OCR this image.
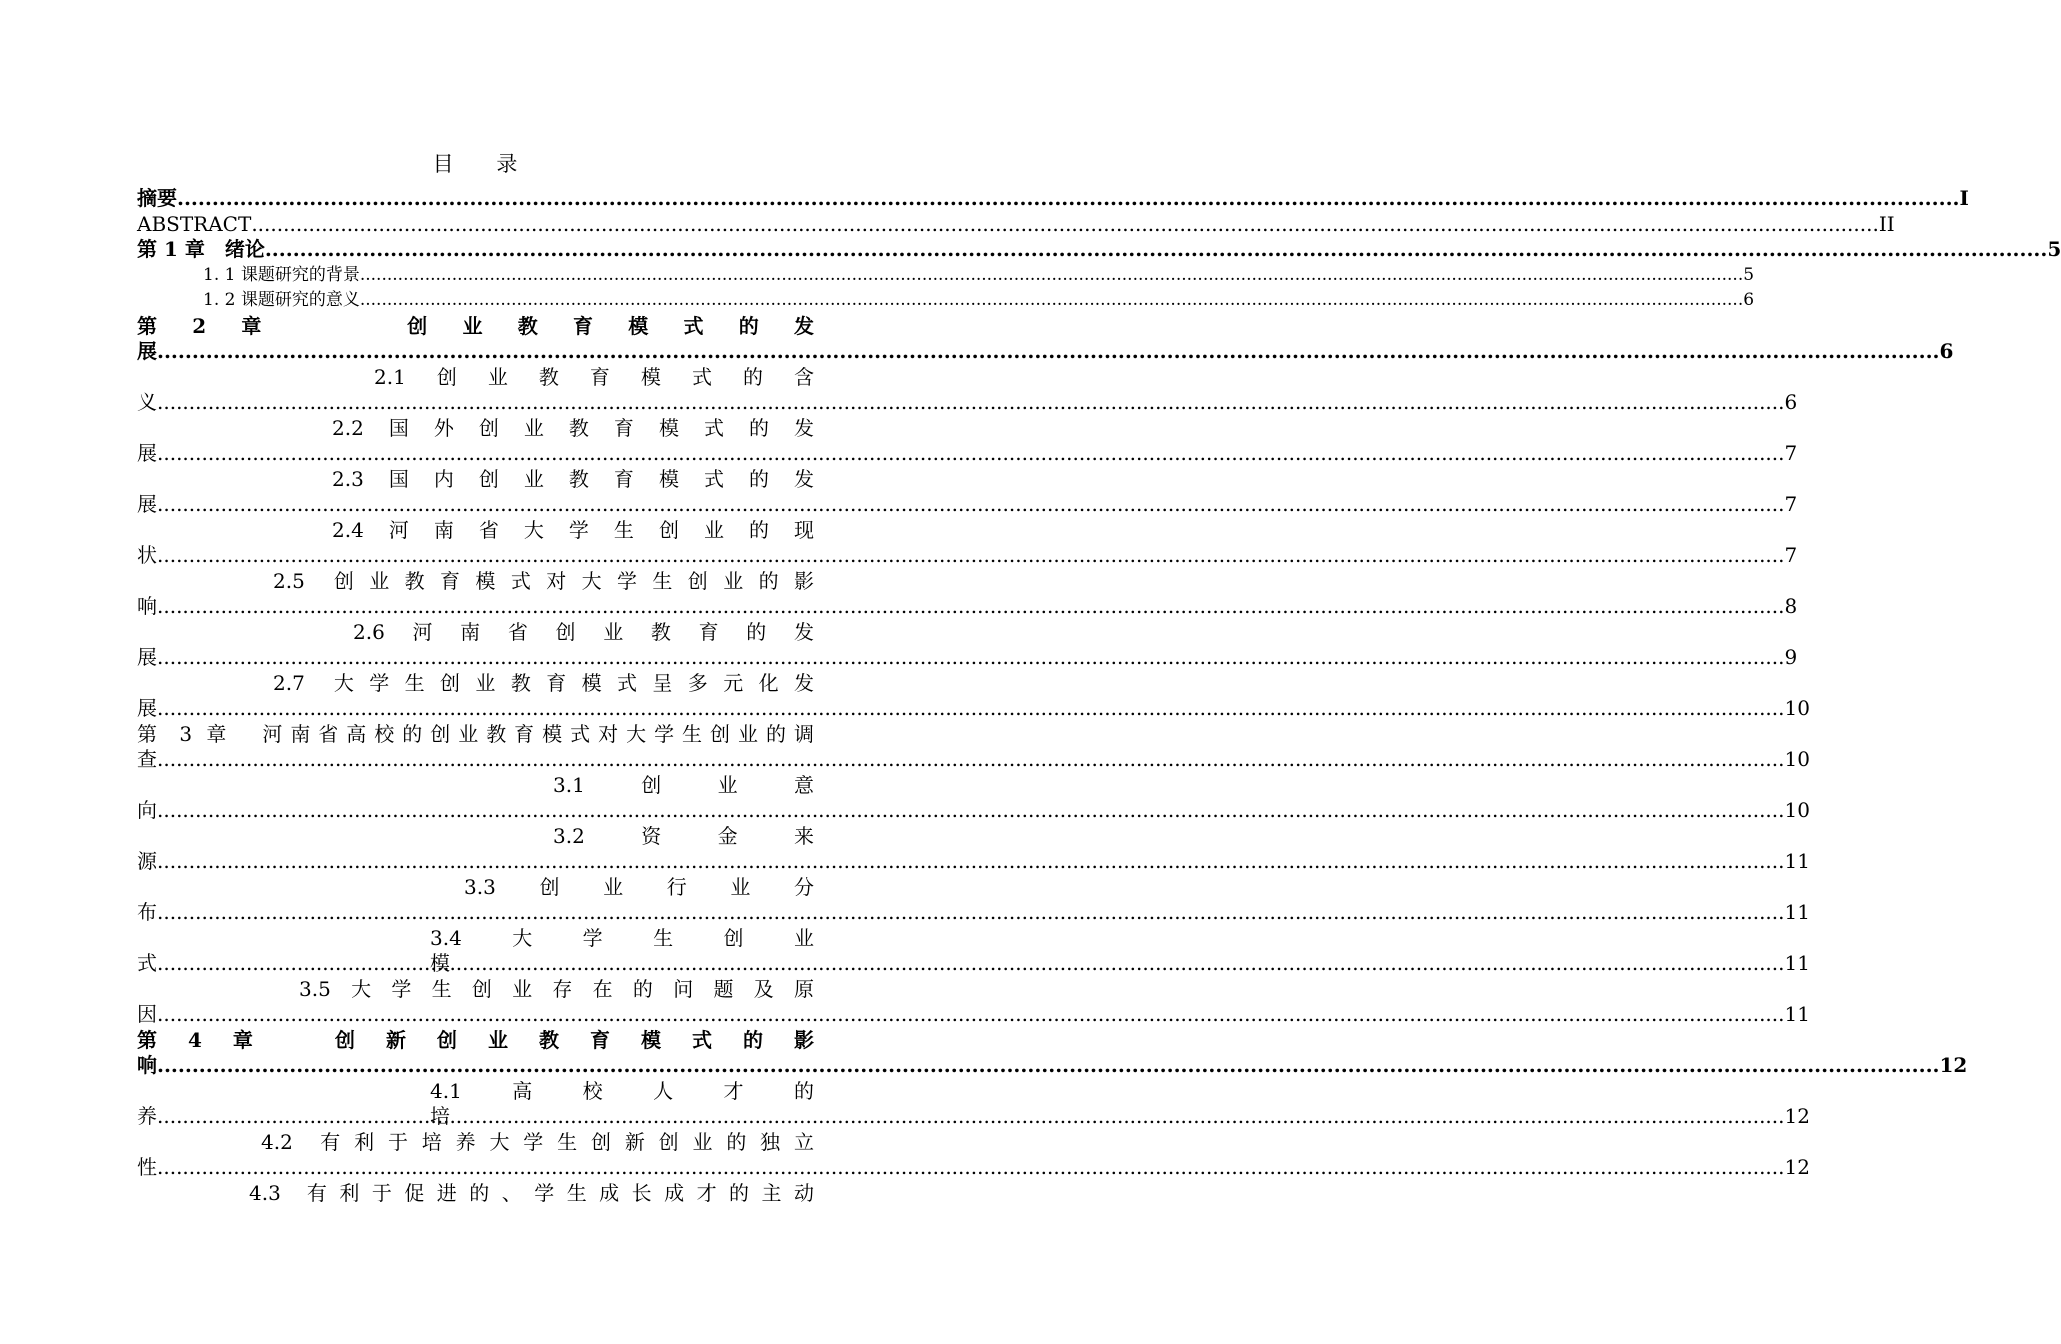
目 录
摘要 .....	I
ABSTRACT .....	II
第 1 章　绪论 .....	5
1. 1 课题研究的背景 .....	5
1. 2 课题研究的意义 .....	6
第　2　章　　　　　创　业　教　育　模　式　的　发
展 .....	6
2.1　创　业　教　育　模　式　的　含
义 .....	6
2.2　国　外　创　业　教　育　模　式　的　发
展 .....	7
2.3　国　内　创　业　教　育　模　式　的　发
展 .....	7
2.4　河　南　省　大　学　生　创　业　的　现
状 .....	7
2.5　创 业 教 育 模 式 对 大 学 生 创 业 的 影
响 .....	8
2.6　河　南　省　创　业　教　育　的　发
展 .....	9
2.7　大 学 生 创 业 教 育 模 式 呈 多 元 化 发
展 .....	10
第 3 章　河南省高校的创业教育模式对大学生创业的调
查 .....	10
3.1　　创　　业　　意
向 .....	10
3.2　　资　　金　　来
源 .....	11
3.3　　创　　业　　行　　业　　分
布 .....	11
3.4　　大　　学　　生　　创　　业　　模
式 .....	11
3.5　大　学　生　创　业　存　在　的　问　题　及　原
因 .....	11
第　4　章　　　创　新　创　业　教　育　模　式　的　影
响 .....	12
4.1　　高　　校　　人　　才　　的　　培
养 .....	12
4.2　有 利 于 培 养 大 学 生 创 新 创 业 的 独 立
性 .....	12
4.3　有 利 于 促 进 的 、 学 生 成 长 成 才 的 主 动
